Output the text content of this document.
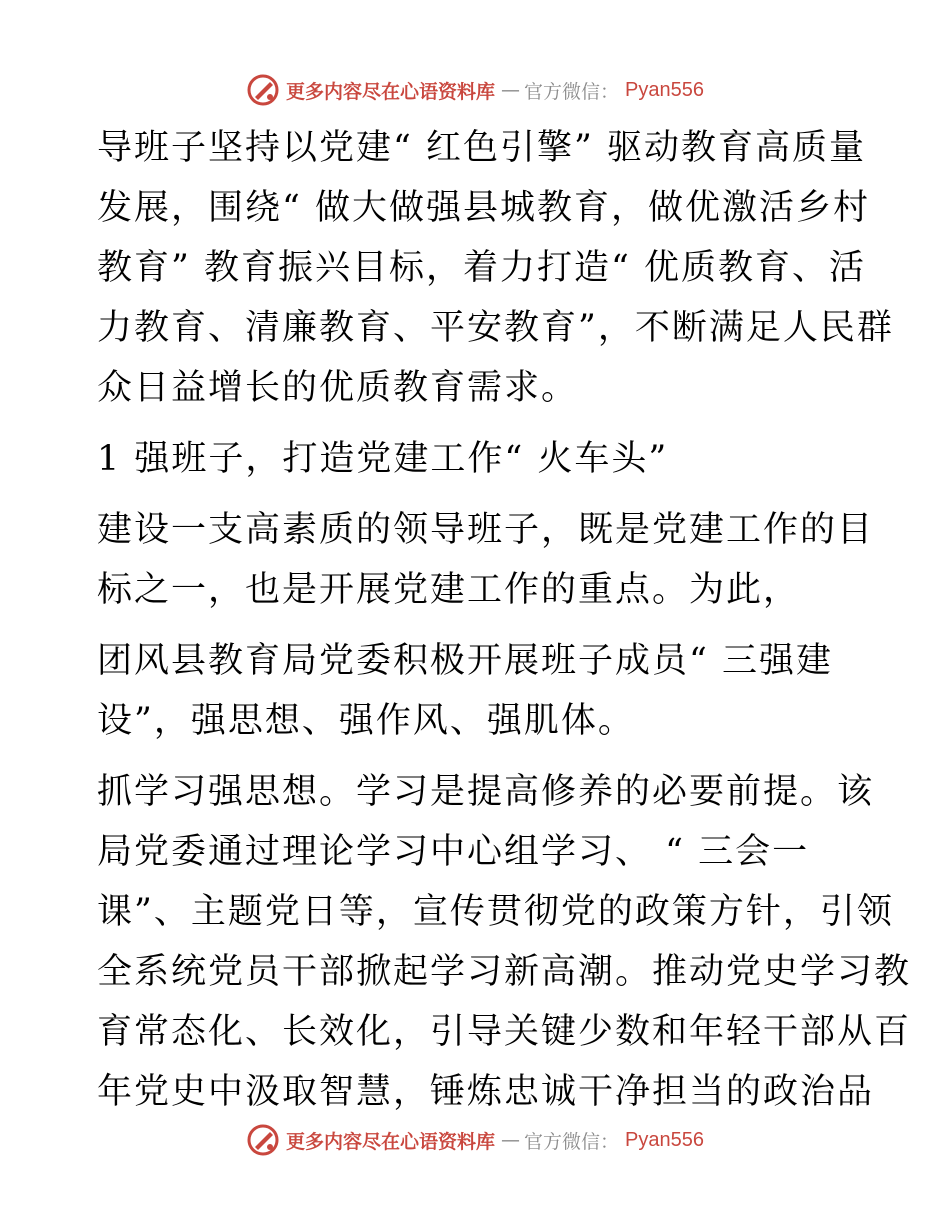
更多内容尽在心语资料库 — 官方微信： Pyan556
导班子坚持以党建“ 红色引擎” 驱动教育高质量
发展，围绕“ 做大做强县城教育，做优激活乡村
教育” 教育振兴目标，着力打造“ 优质教育、活
力教育、清廉教育、平安教育”，不断满足人民群
众日益增长的优质教育需求。
1 强班子，打造党建工作“ 火车头”
建设一支高素质的领导班子，既是党建工作的目
标之一，也是开展党建工作的重点。为此，
团风县教育局党委积极开展班子成员“ 三强建
设”，强思想、强作风、强肌体。
抓学习强思想。学习是提高修养的必要前提。该
局党委通过理论学习中心组学习、 “ 三会一
课”、主题党日等，宣传贯彻党的政策方针，引领
全系统党员干部掀起学习新高潮。推动党史学习教
育常态化、长效化，引导关键少数和年轻干部从百
年党史中汲取智慧，锤炼忠诚干净担当的政治品
更多内容尽在心语资料库 — 官方微信： Pyan556
